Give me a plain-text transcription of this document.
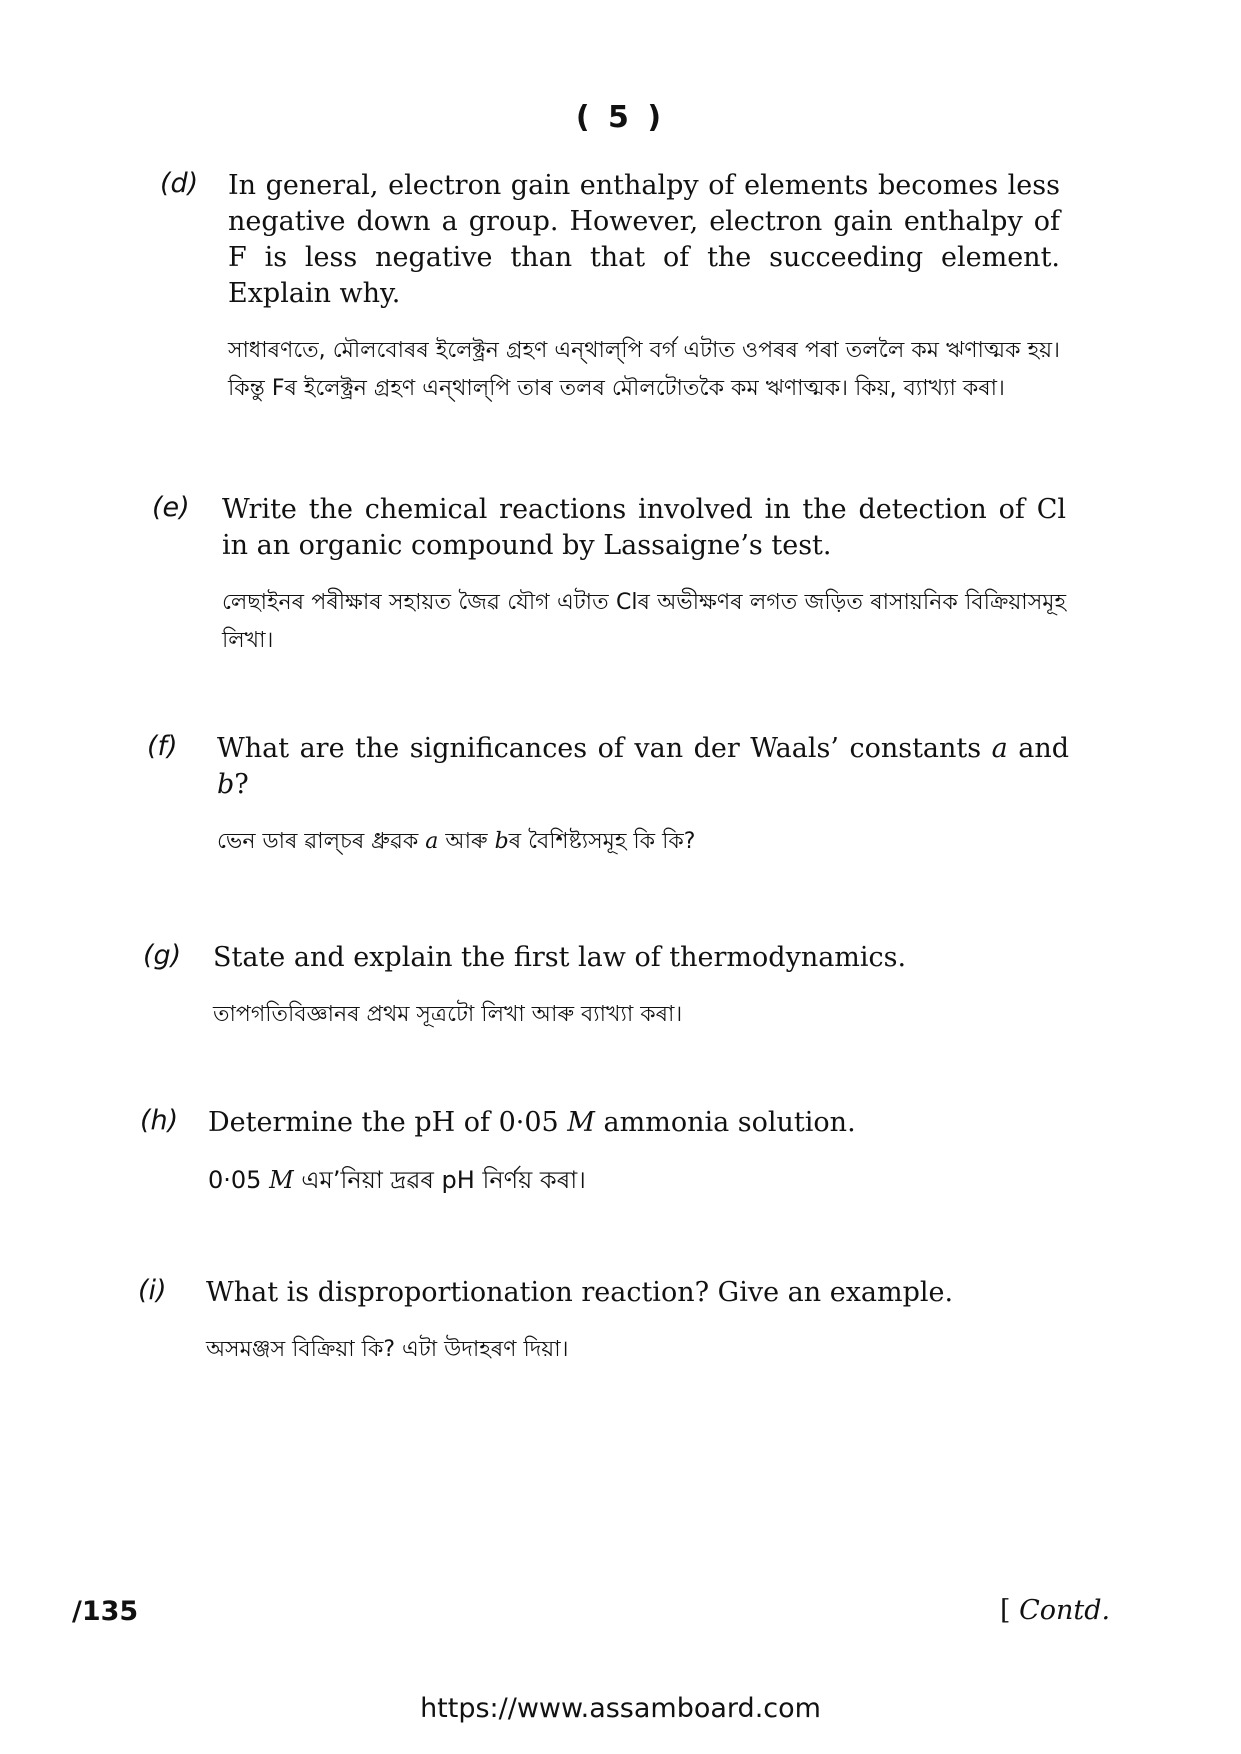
( 5 )
(d) In general, electron gain enthalpy of elements becomes less negative down a group. However, electron gain enthalpy of F is less negative than that of the succeeding element. Explain why.
সাধাৰণতে, মৌলবোৰৰ ইলেক্ট্ৰন গ্ৰহণ এন্‌থাল্‌পি বৰ্গ এটাত ওপৰৰ পৰা তললৈ কম ঋণাত্মক হয়। কিন্তু Fৰ ইলেক্ট্ৰন গ্ৰহণ এন্‌থাল্‌পি তাৰ তলৰ মৌলটোতকৈ কম ঋণাত্মক। কিয়, ব্যাখ্যা কৰা।
(e) Write the chemical reactions involved in the detection of Cl in an organic compound by Lassaigne’s test.
লেছাইনৰ পৰীক্ষাৰ সহায়ত জৈৱ যৌগ এটাত Clৰ অভীক্ষণৰ লগত জড়িত ৰাসায়নিক বিক্ৰিয়াসমূহ লিখা।
(f) What are the significances of van der Waals’ constants a and b?
ভেন ডাৰ ৱাল্‌চৰ ধ্ৰুৱক a আৰু bৰ বৈশিষ্ট্যসমূহ কি কি?
(g) State and explain the first law of thermodynamics.
তাপগতিবিজ্ঞানৰ প্ৰথম সূত্ৰটো লিখা আৰু ব্যাখ্যা কৰা।
(h) Determine the pH of 0·05 M ammonia solution.
0·05 M এম’নিয়া দ্ৰৱৰ pH নিৰ্ণয় কৰা।
(i) What is disproportionation reaction? Give an example.
অসমঞ্জস বিক্ৰিয়া কি? এটা উদাহৰণ দিয়া।
/135	[ Contd.
https://www.assamboard.com
